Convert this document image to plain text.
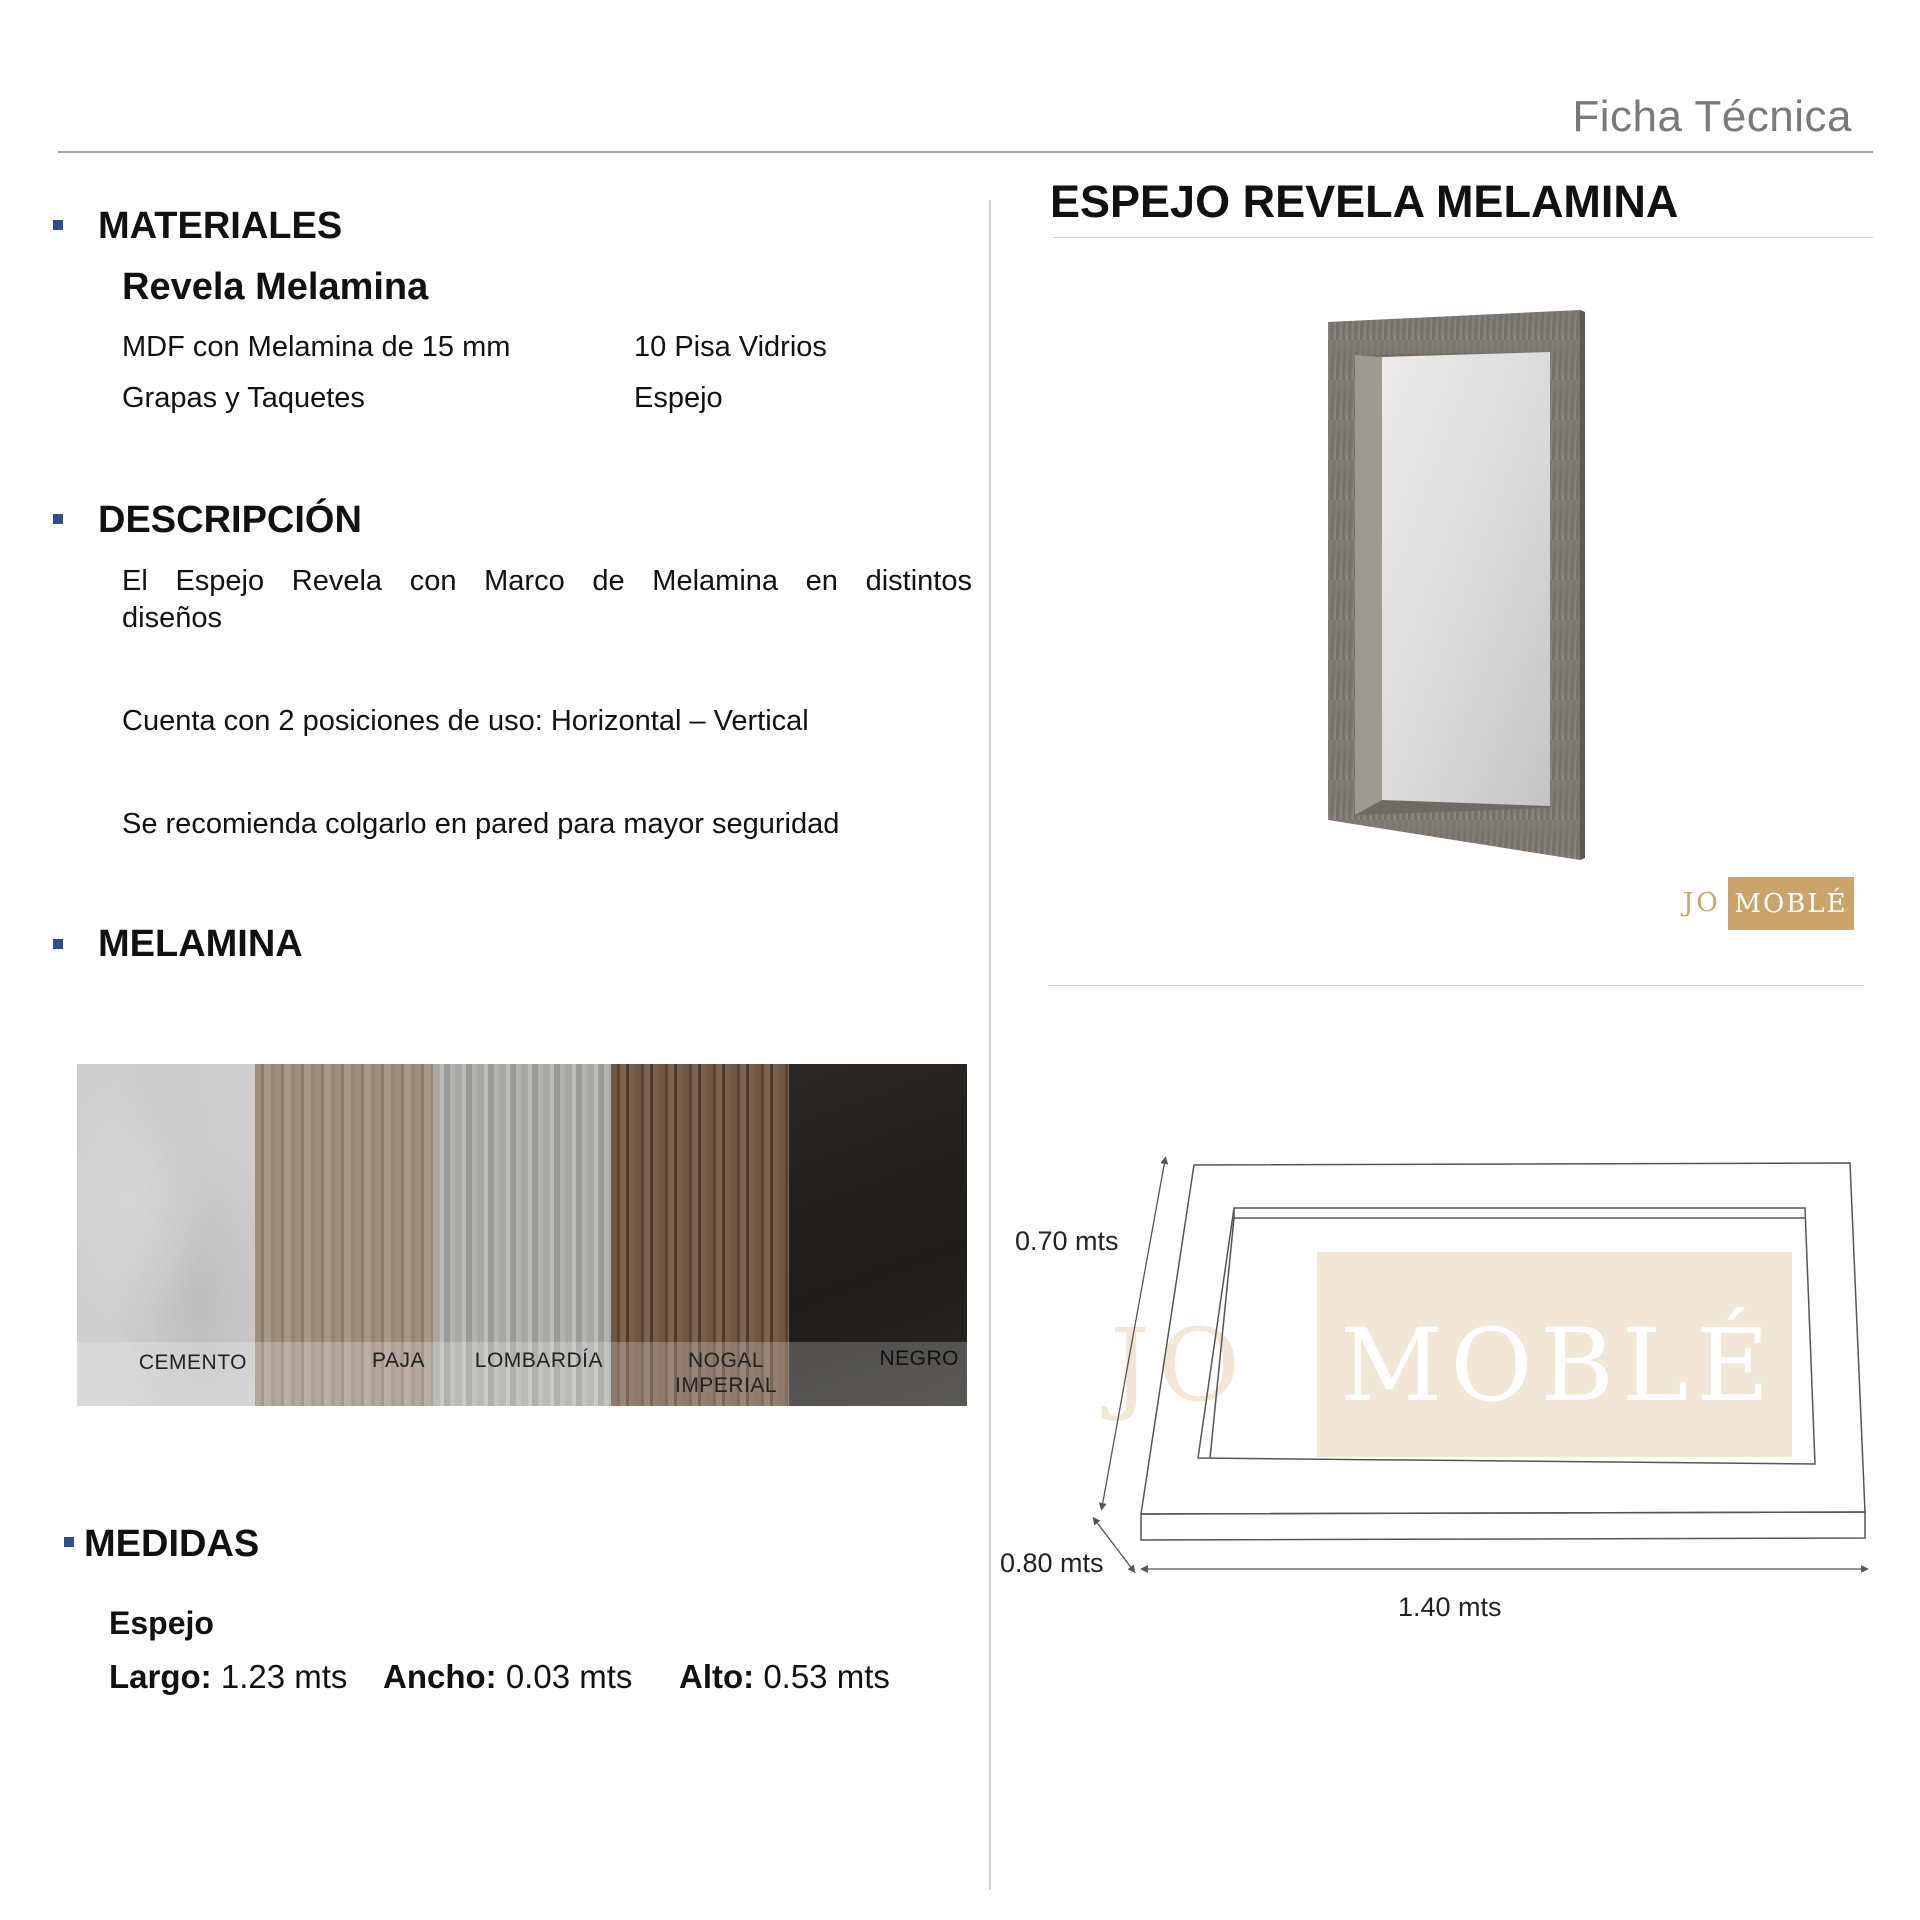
Ficha Técnica
MATERIALES
Revela Melamina
MDF con Melamina de 15 mm	10 Pisa Vidrios
Grapas y Taquetes	Espejo
DESCRIPCIÓN
El Espejo Revela con Marco de Melamina en distintos
diseños
Cuenta con 2 posiciones de uso: Horizontal – Vertical
Se recomienda colgarlo en pared para mayor seguridad
MELAMINA
CEMENTO	PAJA LOMBARDÍA	NOGAL IMPERIAL
NEGRO
MEDIDAS
Espejo
Largo: 1.23 mts Ancho: 0.03 mts Alto: 0.53 mts
ESPEJO REVELA MELAMINA
JO MOBLÉ
JO MOBLÉ
0.70 mts
0.80 mts
1.40 mts
